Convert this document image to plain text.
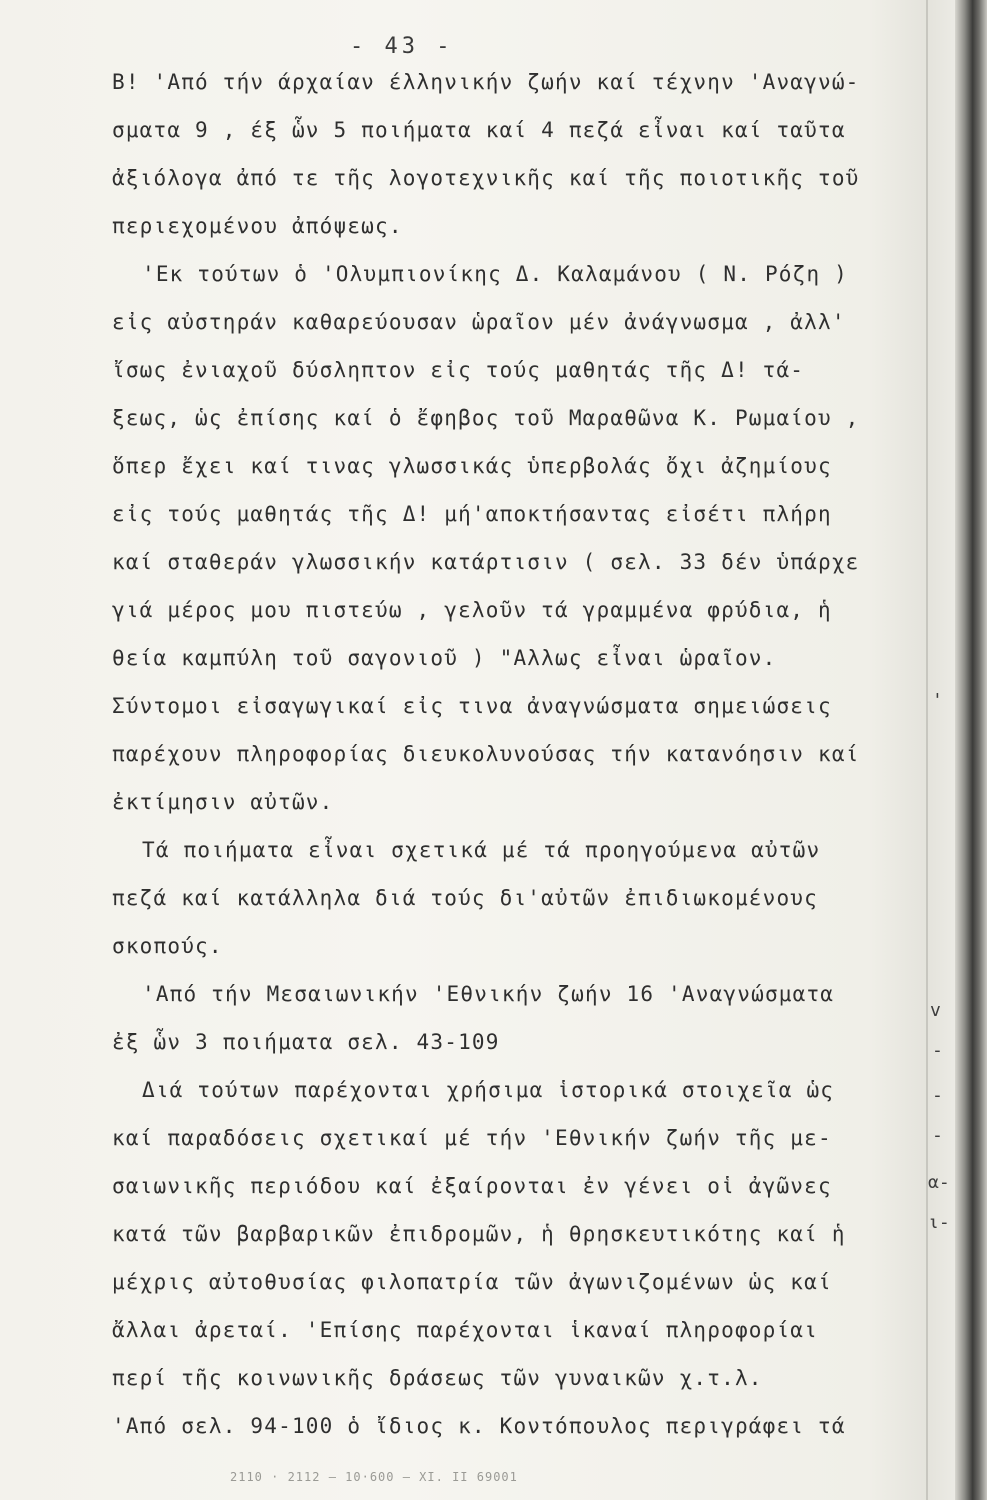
- 43 -
Β! 'Από τήν άρχαίαν έλληνικήν ζωήν καί τέχνην 'Αναγνώ-
σματα 9 , έξ ὧν 5 ποιήματα καί 4 πεζά εἶναι καί ταῦτα
ἀξιόλογα ἀπό τε τῆς λογοτεχνικῆς καί τῆς ποιοτικῆς τοῦ
περιεχομένου ἀπόψεως.
'Εκ τούτων ὁ 'Ολυμπιονίκης Δ. Καλαμάνου ( Ν. Ρόζη )
εἰς αὐστηράν καθαρεύουσαν ὡραῖον μέν ἀνάγνωσμα , ἀλλ'
ἴσως ἐνιαχοῦ δύσληπτον εἰς τούς μαθητάς τῆς Δ! τά-
ξεως, ὡς ἐπίσης καί ὁ ἔφηβος τοῦ Μαραθῶνα Κ. Ρωμαίου ,
ὅπερ ἔχει καί τινας γλωσσικάς ὑπερβολάς ὄχι ἀζημίους
εἰς τούς μαθητάς τῆς Δ! μή'αποκτήσαντας εἰσέτι πλήρη
καί σταθεράν γλωσσικήν κατάρτισιν ( σελ. 33 δέν ὑπάρχε
γιά μέρος μου πιστεύω , γελοῦν τά γραμμένα φρύδια, ἡ
θεία καμπύλη τοῦ σαγονιοῦ ) "Αλλως εἶναι ὡραῖον.
Σύντομοι εἰσαγωγικαί εἰς τινα ἀναγνώσματα σημειώσεις
παρέχουν πληροφορίας διευκολυνούσας τήν κατανόησιν καί
ἐκτίμησιν αὐτῶν.
Τά ποιήματα εἶναι σχετικά μέ τά προηγούμενα αὐτῶν
πεζά καί κατάλληλα διά τούς δι'αὐτῶν ἐπιδιωκομένους
σκοπούς.
'Από τήν Μεσαιωνικήν 'Εθνικήν ζωήν 16 'Αναγνώσματα
ἐξ ὧν 3 ποιήματα σελ. 43-109
Διά τούτων παρέχονται χρήσιμα ἱστορικά στοιχεῖα ὡς
καί παραδόσεις σχετικαί μέ τήν 'Εθνικήν ζωήν τῆς με-
σαιωνικῆς περιόδου καί ἐξαίρονται ἐν γένει οἱ ἀγῶνες
κατά τῶν βαρβαρικῶν ἐπιδρομῶν, ἡ θρησκευτικότης καί ἡ
μέχρις αὐτοθυσίας φιλοπατρία τῶν ἀγωνιζομένων ὡς καί
ἄλλαι ἀρεταί. 'Επίσης παρέχονται ἱκαναί πληροφορίαι
περί τῆς κοινωνικῆς δράσεως τῶν γυναικῶν χ.τ.λ.
'Από σελ. 94-100 ὁ ἴδιος κ. Κοντόπουλος περιγράφει τά
'
v
-
-
-
α-
ι-
2110 · 2112 — 10·600 — ΧΙ. ΙΙ 69001
